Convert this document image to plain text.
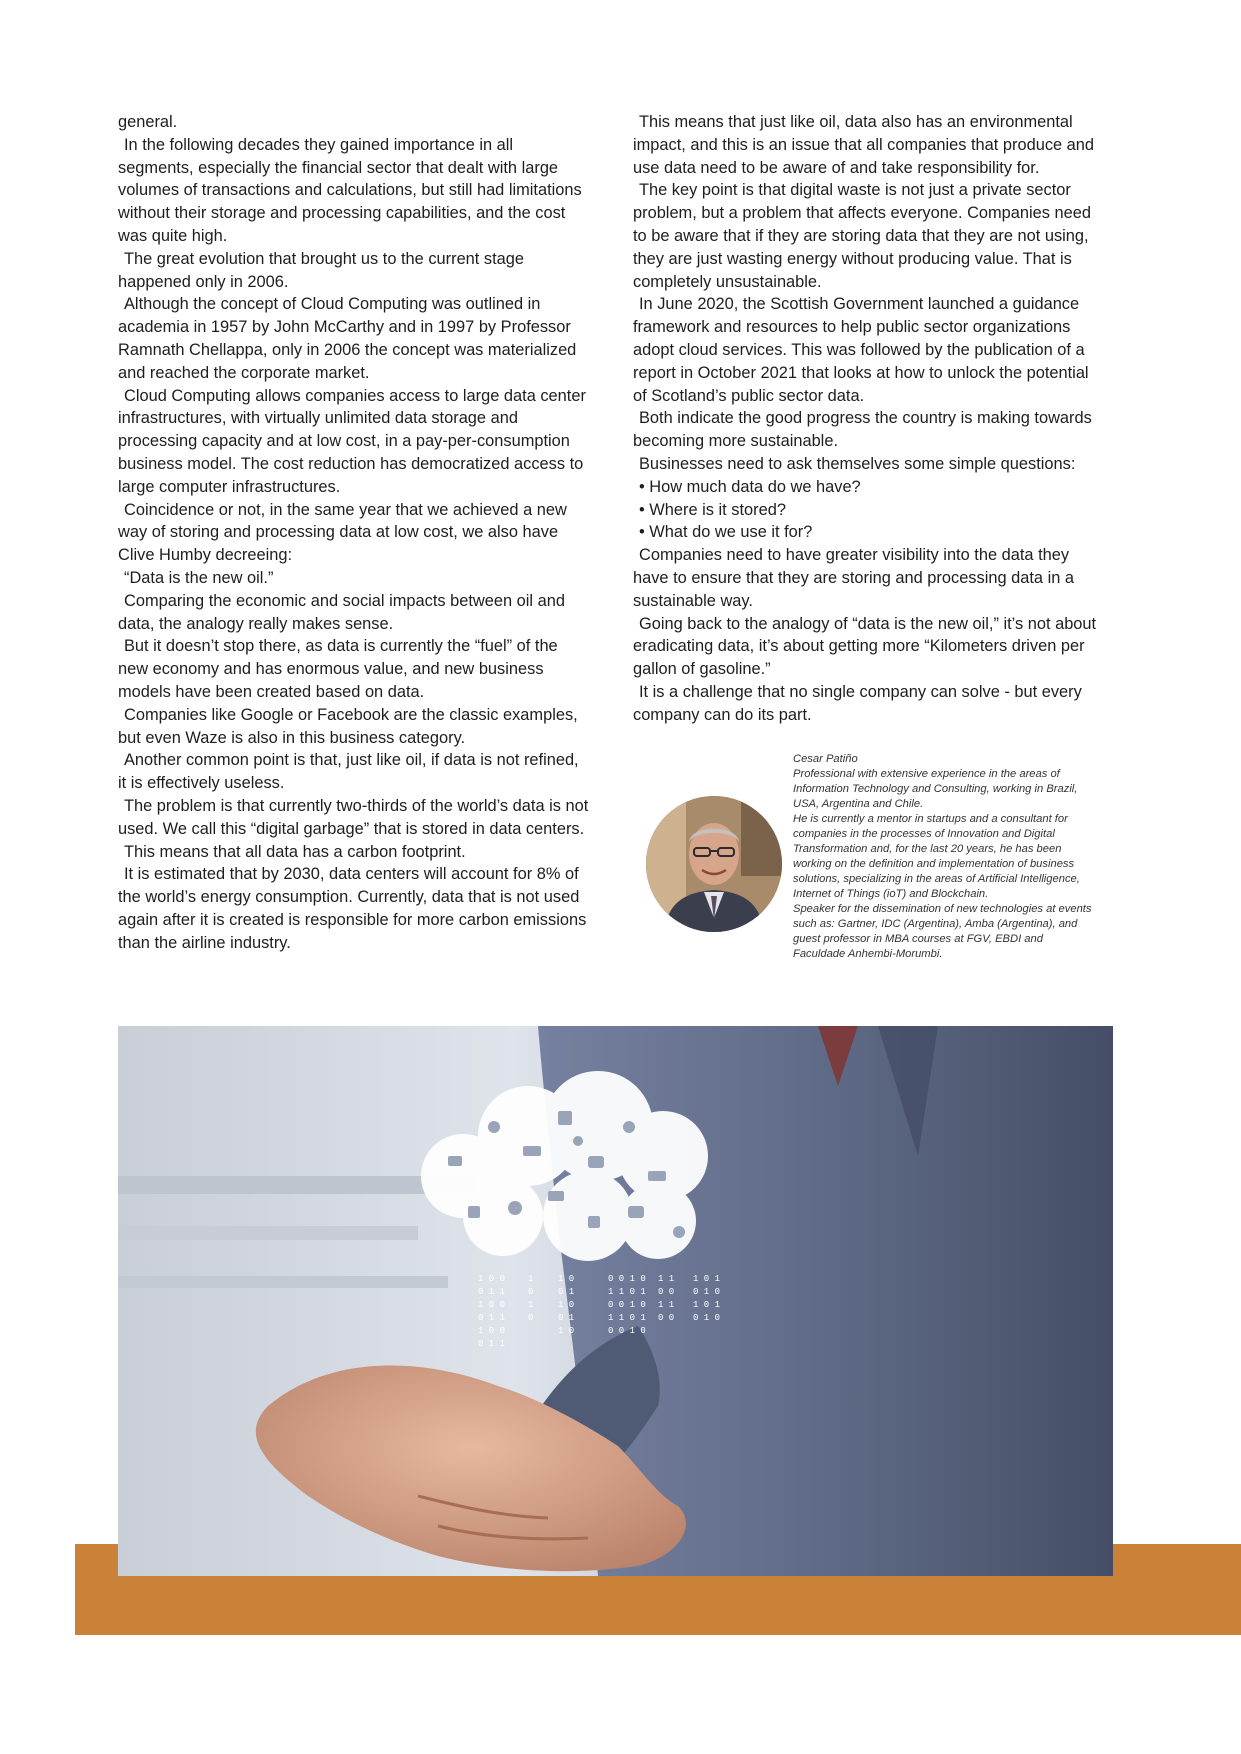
general.

In the following decades they gained importance in all segments, especially the financial sector that dealt with large volumes of transactions and calculations, but still had limitations without their storage and processing capabilities, and the cost was quite high.

The great evolution that brought us to the current stage happened only in 2006.

Although the concept of Cloud Computing was outlined in academia in 1957 by John McCarthy and in 1997 by Professor Ramnath Chellappa, only in 2006 the concept was materialized and reached the corporate market.

Cloud Computing allows companies access to large data center infrastructures, with virtually unlimited data storage and processing capacity and at low cost, in a pay-per-consumption business model. The cost reduction has democratized access to large computer infrastructures.

Coincidence or not, in the same year that we achieved a new way of storing and processing data at low cost, we also have Clive Humby decreeing:

“Data is the new oil.”

Comparing the economic and social impacts between oil and data, the analogy really makes sense.

But it doesn’t stop there, as data is currently the “fuel” of the new economy and has enormous value, and new business models have been created based on data.

Companies like Google or Facebook are the classic examples, but even Waze is also in this business category.

Another common point is that, just like oil, if data is not refined, it is effectively useless.

The problem is that currently two-thirds of the world’s data is not used. We call this “digital garbage” that is stored in data centers.

This means that all data has a carbon footprint.

It is estimated that by 2030, data centers will account for 8% of the world’s energy consumption. Currently, data that is not used again after it is created is responsible for more carbon emissions than the airline industry.

This means that just like oil, data also has an environmental impact, and this is an issue that all companies that produce and use data need to be aware of and take responsibility for.

The key point is that digital waste is not just a private sector problem, but a problem that affects everyone. Companies need to be aware that if they are storing data that they are not using, they are just wasting energy without producing value. That is completely unsustainable.

In June 2020, the Scottish Government launched a guidance framework and resources to help public sector organizations adopt cloud services. This was followed by the publication of a report in October 2021 that looks at how to unlock the potential of Scotland’s public sector data.

Both indicate the good progress the country is making towards becoming more sustainable.

Businesses need to ask themselves some simple questions:

• How much data do we have?

• Where is it stored?

• What do we use it for?

Companies need to have greater visibility into the data they have to ensure that they are storing and processing data in a sustainable way.

Going back to the analogy of “data is the new oil,” it’s not about eradicating data, it’s about getting more “Kilometers driven per gallon of gasoline.”

It is a challenge that no single company can solve - but every company can do its part.

Cesar Patiño
Professional with extensive experience in the areas of Information Technology and Consulting, working in Brazil, USA, Argentina and Chile.
He is currently a mentor in startups and a consultant for companies in the processes of Innovation and Digital Transformation and, for the last 20 years, he has been working on the definition and implementation of business solutions, specializing in the areas of Artificial Intelligence, Internet of Things (ioT) and Blockchain.
Speaker for the dissemination of new technologies at events such as: Gartner, IDC (Argentina), Amba (Argentina), and guest professor in MBA courses at FGV, EBDI and Faculdade Anhembi-Morumbi.
1 0 0
0 1 1
1 0 0
0 1 1
1 0 0
0 1 1
1
0
1
0
1 0
0 1
1 0
0 1
1 0
0 0 1 0
1 1 0 1
0 0 1 0
1 1 0 1
0 0 1 0
1 1
0 0
1 1
0 0
1 0 1
0 1 0
1 0 1
0 1 0
